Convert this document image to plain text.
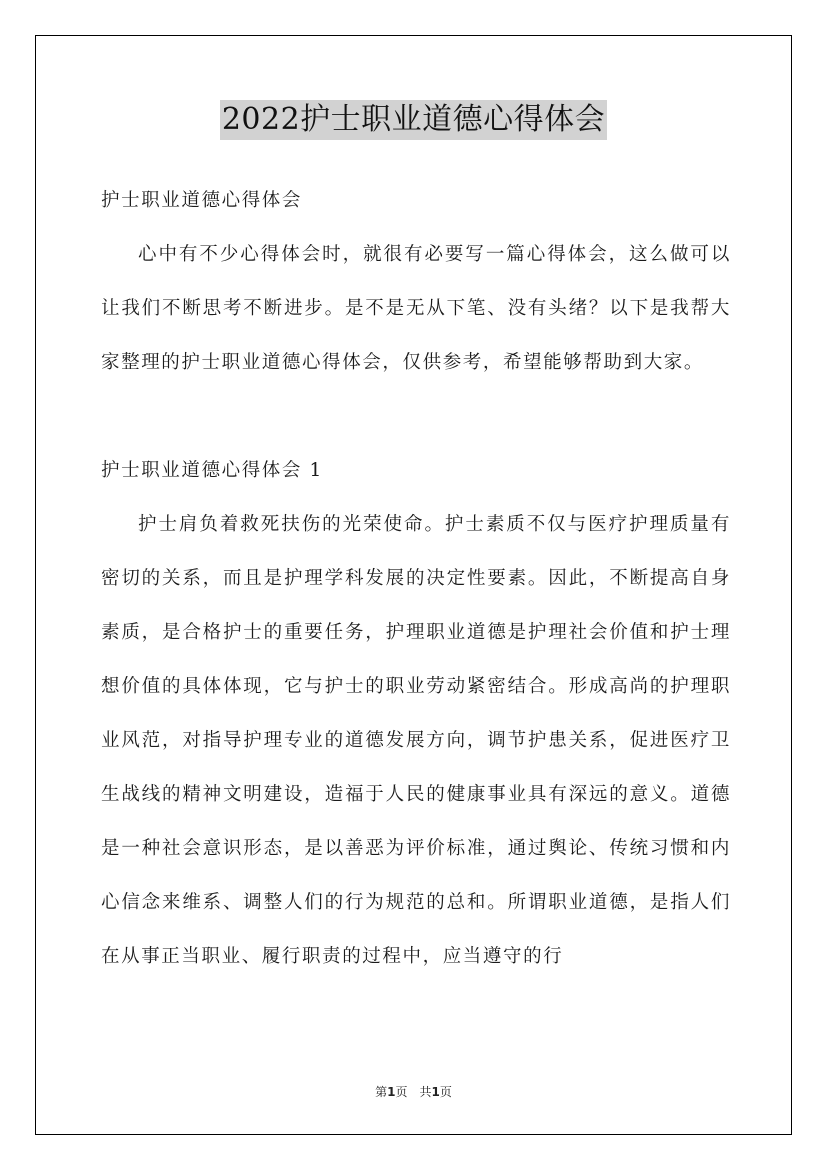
2022护士职业道德心得体会

护士职业道德心得体会

心中有不少心得体会时，就很有必要写一篇心得体会，这么做可以让我们不断思考不断进步。是不是无从下笔、没有头绪？以下是我帮大家整理的护士职业道德心得体会，仅供参考，希望能够帮助到大家。

护士职业道德心得体会 1

护士肩负着救死扶伤的光荣使命。护士素质不仅与医疗护理质量有密切的关系，而且是护理学科发展的决定性要素。因此，不断提高自身素质，是合格护士的重要任务，护理职业道德是护理社会价值和护士理想价值的具体体现，它与护士的职业劳动紧密结合。形成高尚的护理职业风范，对指导护理专业的道德发展方向，调节护患关系，促进医疗卫生战线的精神文明建设，造福于人民的健康事业具有深远的意义。道德是一种社会意识形态，是以善恶为评价标准，通过舆论、传统习惯和内心信念来维系、调整人们的行为规范的总和。所谓职业道德，是指人们在从事正当职业、履行职责的过程中，应当遵守的行

第1页　共1页
